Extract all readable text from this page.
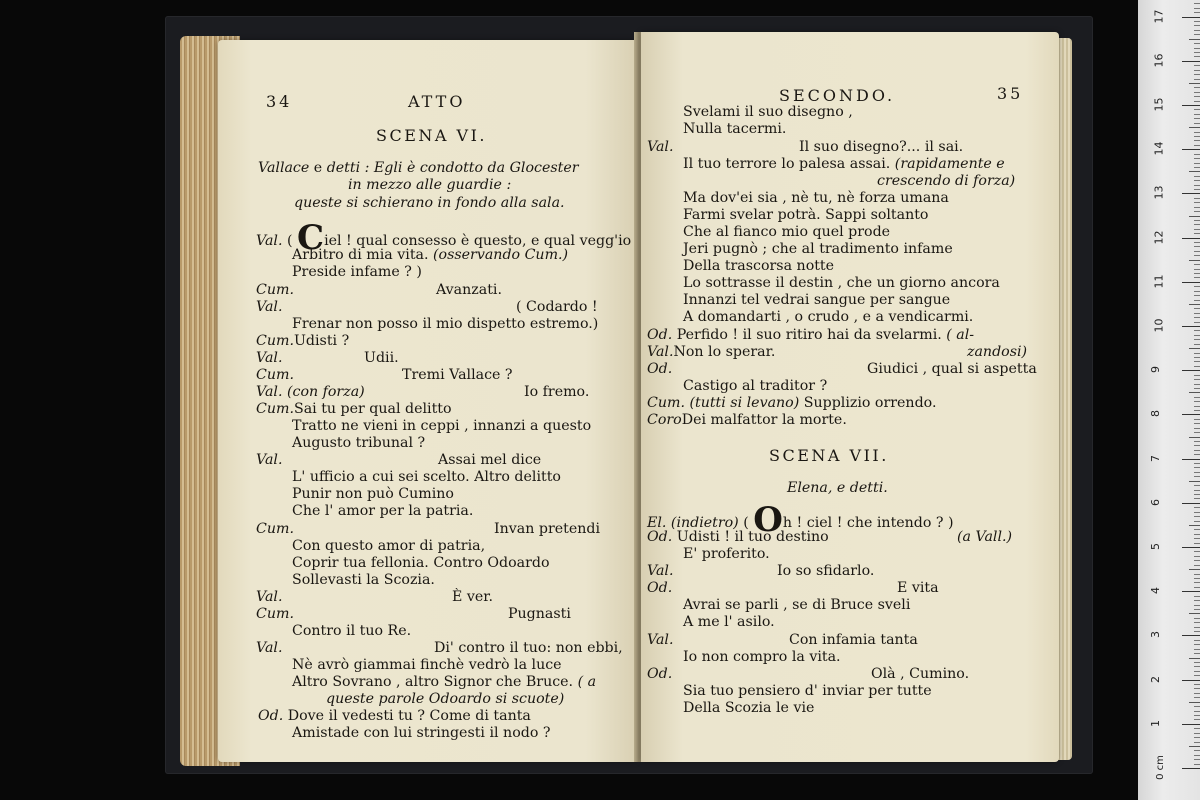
34	ATTO
SCENA VI.
Vallace e detti : Egli è condotto da Glocester
in mezzo alle guardie :
queste si schierano in fondo alla sala.
Val. ( Ciel ! qual consesso è questo, e qual vegg'io
Arbitro di mia vita. (osservando Cum.)
Preside infame ? )
Cum.	Avanzati.
Val.	( Codardo !
Frenar non posso il mio dispetto estremo.)
Cum.Udisti ?
Val.	Udii.
Cum.	Tremi Vallace ?
Val. (con forza)	Io fremo.
Cum.Sai tu per qual delitto
Tratto ne vieni in ceppi , innanzi a questo
Augusto tribunal ?
Val.	Assai mel dice
L' ufficio a cui sei scelto. Altro delitto
Punir non può Cumino
Che l' amor per la patria.
Cum.	Invan pretendi
Con questo amor di patria,
Coprir tua fellonia. Contro Odoardo
Sollevasti la Scozia.
Val.	È ver.
Cum.	Pugnasti
Contro il tuo Re.
Val.	Di' contro il tuo: non ebbi,
Nè avrò giammai finchè vedrò la luce
Altro Sovrano , altro Signor che Bruce. ( a
queste parole Odoardo si scuote)
Od. Dove il vedesti tu ? Come di tanta
Amistade con lui stringesti il nodo ?
SECONDO.	35
SCENA VII.
Elena, e detti.
Svelami il suo disegno ,
Nulla tacermi.
Val.	Il suo disegno?... il sai.
Il tuo terrore lo palesa assai. (rapidamente e
crescendo di forza)
Ma dov'ei sia , nè tu, nè forza umana
Farmi svelar potrà. Sappi soltanto
Che al fianco mio quel prode
Jeri pugnò ; che al tradimento infame
Della trascorsa notte
Lo sottrasse il destin , che un giorno ancora
Innanzi tel vedrai sangue per sangue
A domandarti , o crudo , e a vendicarmi.
Od. Perfido ! il suo ritiro hai da svelarmi. ( al-
Val.Non lo sperar.	zandosi)
Od.	Giudici , qual si aspetta
Castigo al traditor ?
Cum. (tutti si levano) Supplizio orrendo.
CoroDei malfattor la morte.
El. (indietro) ( Oh ! ciel ! che intendo ? )
Od. Udisti ! il tuo destino	(a Vall.)
E' proferito.
Val.	Io so sfidarlo.
Od.	E vita
Avrai se parli , se di Bruce sveli
A me l' asilo.
Val.	Con infamia tanta
Io non compro la vita.
Od.	Olà , Cumino.
Sia tuo pensiero d' inviar per tutte
Della Scozia le vie
0 cm
1
2
3
4
5
6
7
8
9
10
11
12
13
14
15
16
17
